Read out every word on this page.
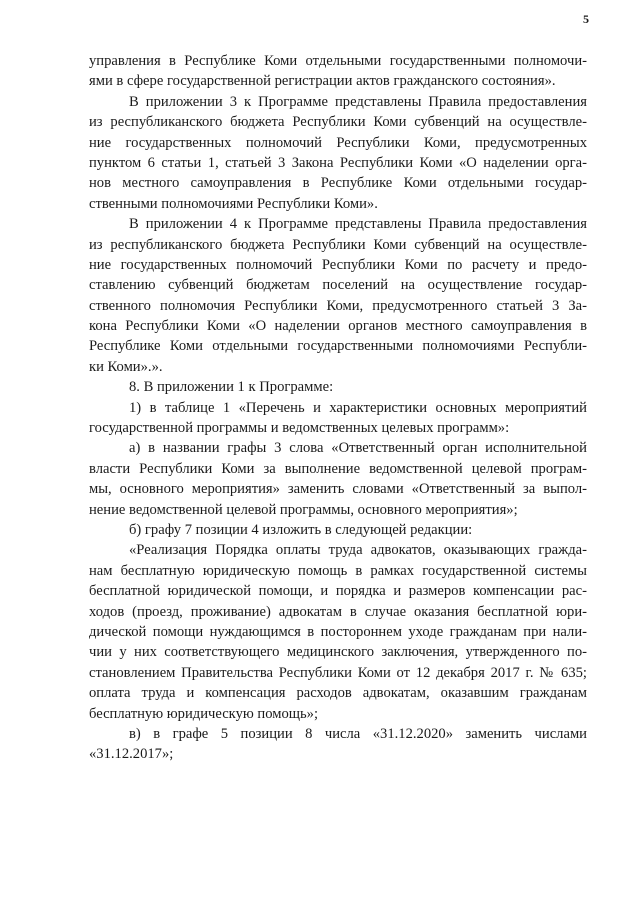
5
управления в Республике Коми отдельными государственными полномочи-
ями в сфере государственной регистрации актов гражданского состояния».
В приложении 3 к Программе представлены Правила предоставления
из республиканского бюджета Республики Коми субвенций на осуществле-
ние государственных полномочий Республики Коми, предусмотренных
пунктом 6 статьи 1, статьей 3 Закона Республики Коми «О наделении орга-
нов местного самоуправления в Республике Коми отдельными государ-
ственными полномочиями Республики Коми».
В приложении 4 к Программе представлены Правила предоставления
из республиканского бюджета Республики Коми субвенций на осуществле-
ние государственных полномочий Республики Коми по расчету и предо-
ставлению субвенций бюджетам поселений на осуществление государ-
ственного полномочия Республики Коми, предусмотренного статьей 3 За-
кона Республики Коми «О наделении органов местного самоуправления в
Республике Коми отдельными государственными полномочиями Республи-
ки Коми».».
8. В приложении 1 к Программе:
1) в таблице 1 «Перечень и характеристики основных мероприятий
государственной программы и ведомственных целевых программ»:
а) в названии графы 3 слова «Ответственный орган исполнительной
власти Республики Коми за выполнение ведомственной целевой програм-
мы, основного мероприятия» заменить словами «Ответственный за выпол-
нение ведомственной целевой программы, основного мероприятия»;
б) графу 7 позиции 4 изложить в следующей редакции:
«Реализация Порядка оплаты труда адвокатов, оказывающих гражда-
нам бесплатную юридическую помощь в рамках государственной системы
бесплатной юридической помощи, и порядка и размеров компенсации рас-
ходов (проезд, проживание) адвокатам в случае оказания бесплатной юри-
дической помощи нуждающимся в постороннем уходе гражданам при нали-
чии у них соответствующего медицинского заключения, утвержденного по-
становлением Правительства Республики Коми от 12 декабря 2017 г. № 635;
оплата труда и компенсация расходов адвокатам, оказавшим гражданам
бесплатную юридическую помощь»;
в) в графе 5 позиции 8 числа «31.12.2020» заменить числами
«31.12.2017»;
